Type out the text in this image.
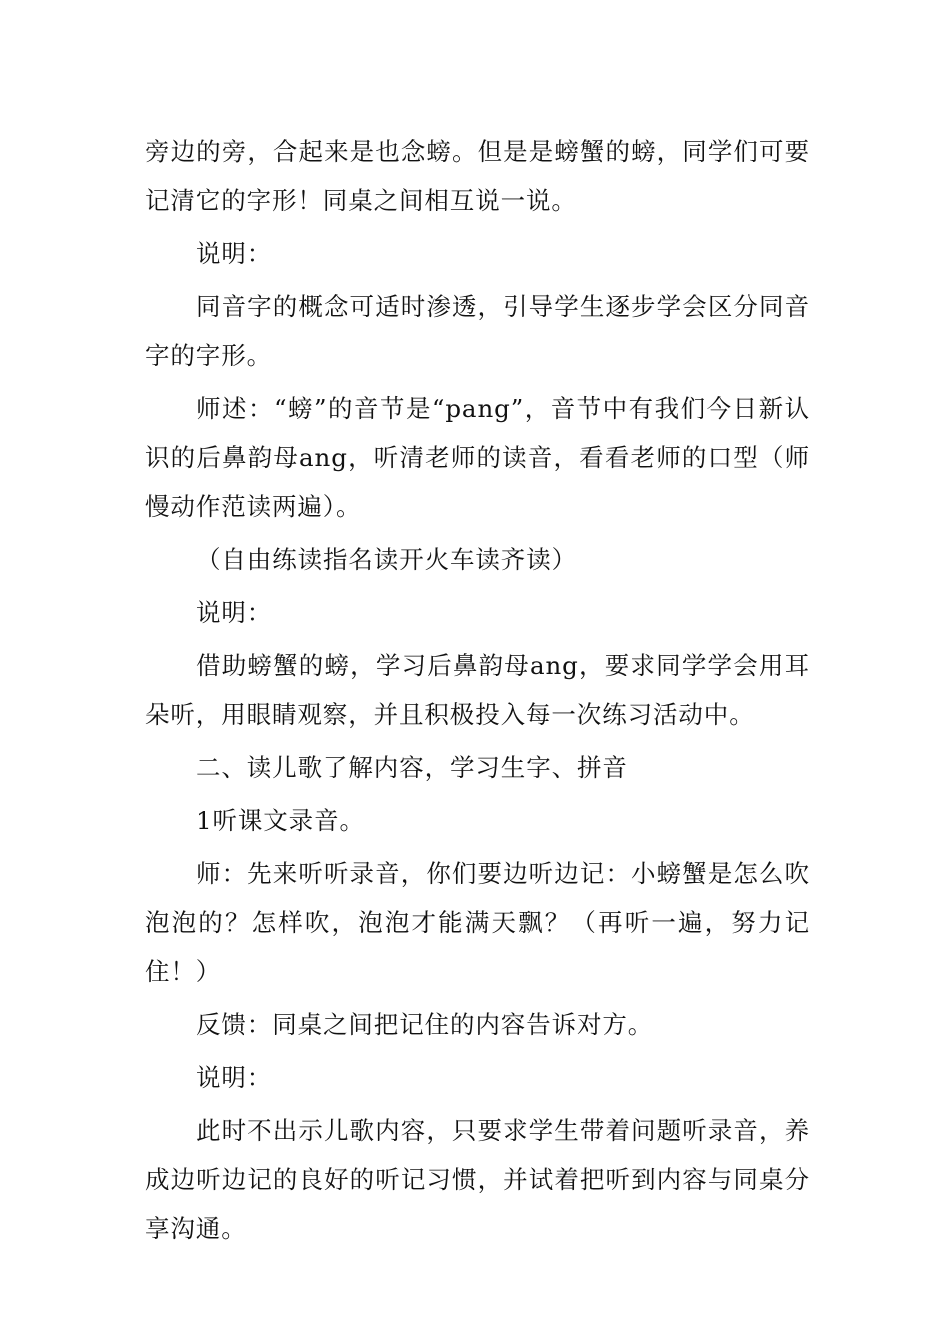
旁边的旁，合起来是也念螃。但是是螃蟹的螃，同学们可要记清它的字形！同桌之间相互说一说。

说明：

同音字的概念可适时渗透，引导学生逐步学会区分同音字的字形。

师述：“螃”的音节是“pang”，音节中有我们今日新认识的后鼻韵母ang，听清老师的读音，看看老师的口型（师慢动作范读两遍）。

（自由练读指名读开火车读齐读）

说明：

借助螃蟹的螃，学习后鼻韵母ang，要求同学学会用耳朵听，用眼睛观察，并且积极投入每一次练习活动中。

二、读儿歌了解内容，学习生字、拼音

1听课文录音。

师：先来听听录音，你们要边听边记：小螃蟹是怎么吹泡泡的？怎样吹，泡泡才能满天飘？（再听一遍，努力记住！）

反馈：同桌之间把记住的内容告诉对方。

说明：

此时不出示儿歌内容，只要求学生带着问题听录音，养成边听边记的良好的听记习惯，并试着把听到内容与同桌分享沟通。
